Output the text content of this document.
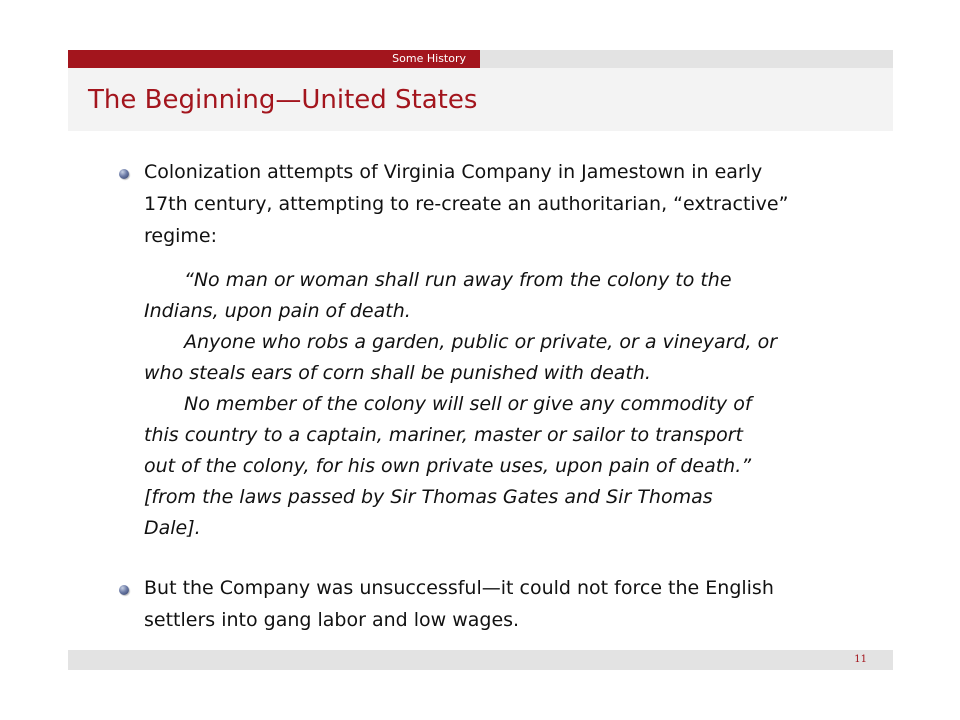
Some History
The Beginning—United States
Colonization attempts of Virginia Company in Jamestown in early
17th century, attempting to re-create an authoritarian, “extractive”
regime:

“No man or woman shall run away from the colony to the
Indians, upon pain of death.

Anyone who robs a garden, public or private, or a vineyard, or
who steals ears of corn shall be punished with death.

No member of the colony will sell or give any commodity of
this country to a captain, mariner, master or sailor to transport
out of the colony, for his own private uses, upon pain of death.”
[from the laws passed by Sir Thomas Gates and Sir Thomas
Dale].

But the Company was unsuccessful—it could not force the English
settlers into gang labor and low wages.
11
